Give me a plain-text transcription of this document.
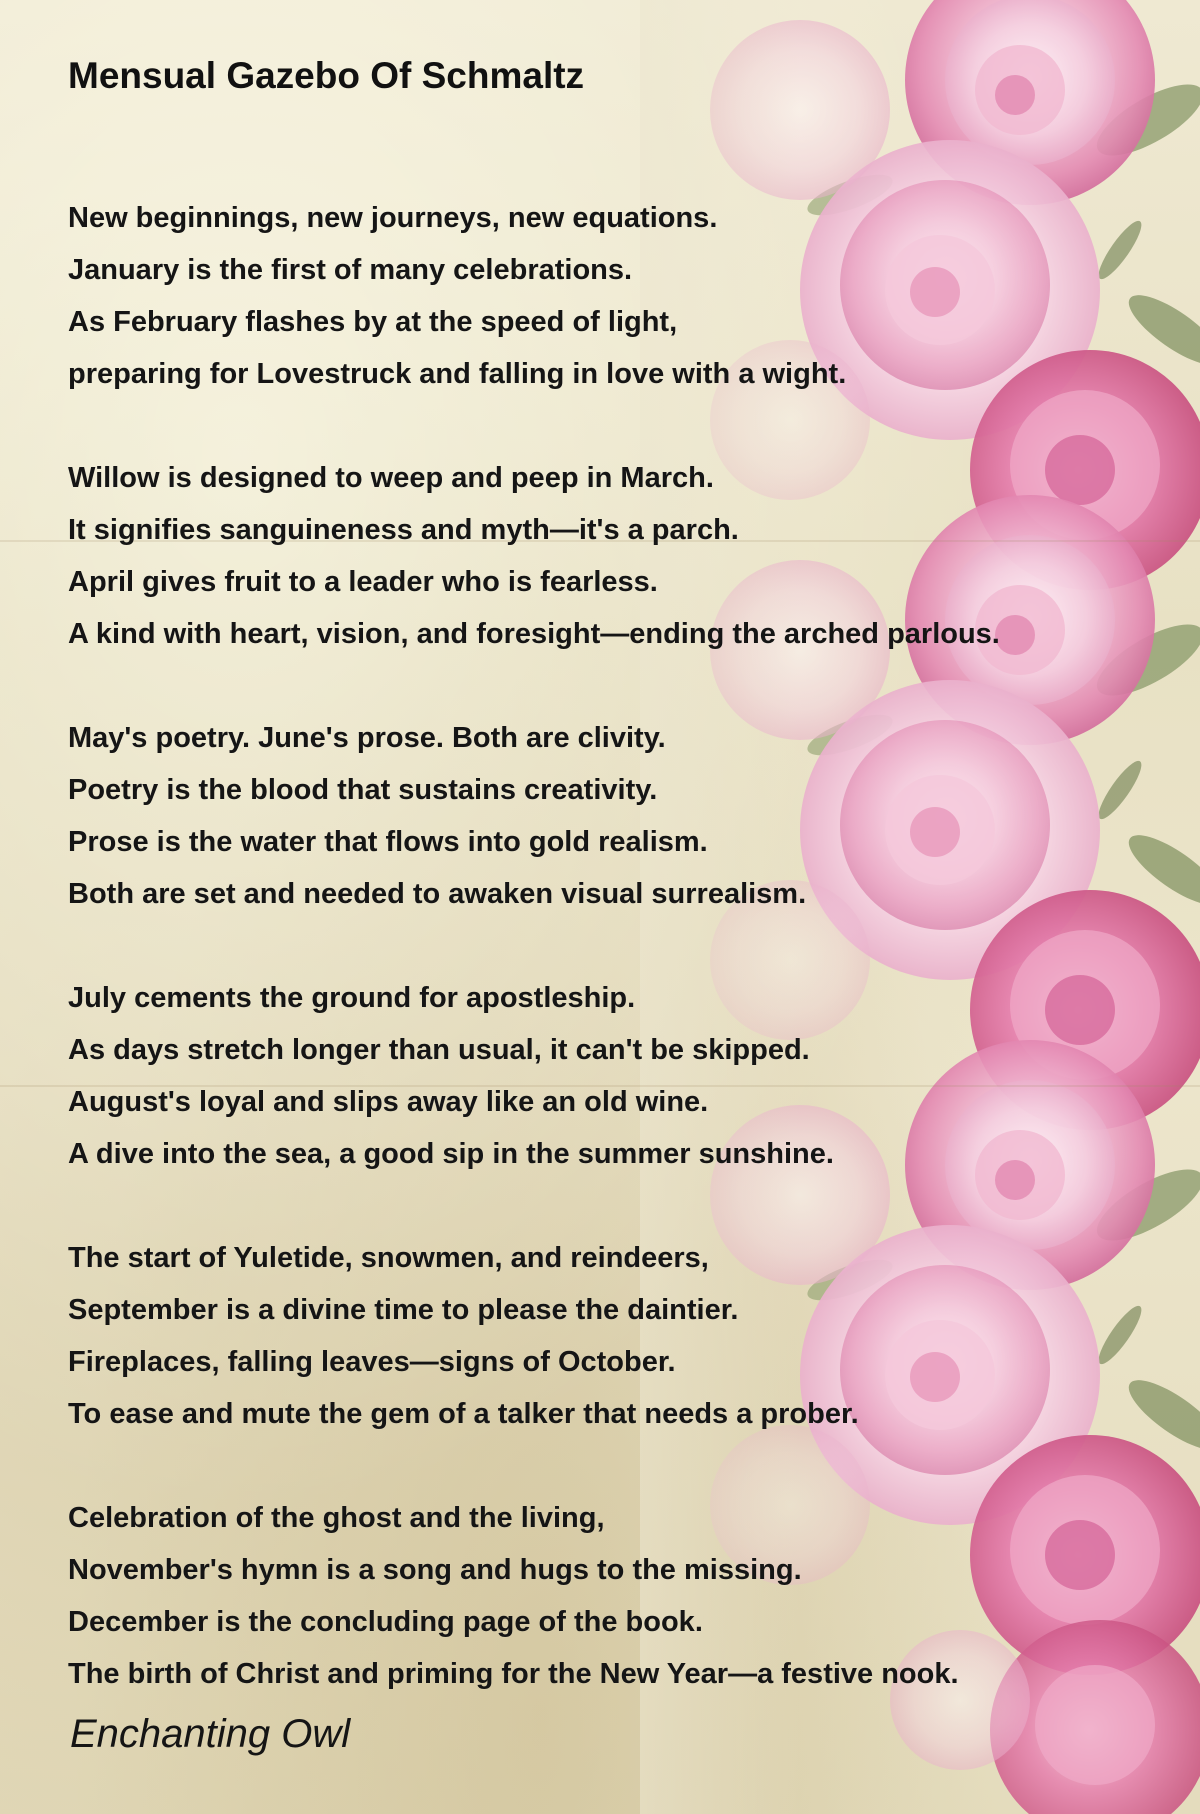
Mensual Gazebo Of Schmaltz
New beginnings, new journeys, new equations.
January is the first of many celebrations.
As February flashes by at the speed of light,
preparing for Lovestruck and falling in love with a wight.
Willow is designed to weep and peep in March.
It signifies sanguineness and myth—it's a parch.
April gives fruit to a leader who is fearless.
A kind with heart, vision, and foresight—ending the arched parlous.
May's poetry. June's prose. Both are clivity.
Poetry is the blood that sustains creativity.
Prose is the water that flows into gold realism.
Both are set and needed to awaken visual surrealism.
July cements the ground for apostleship.
As days stretch longer than usual, it can't be skipped.
August's loyal and slips away like an old wine.
A dive into the sea, a good sip in the summer sunshine.
The start of Yuletide, snowmen, and reindeers,
September is a divine time to please the daintier.
Fireplaces, falling leaves—signs of October.
To ease and mute the gem of a talker that needs a prober.
Celebration of the ghost and the living,
November's hymn is a song and hugs to the missing.
December is the concluding page of the book.
The birth of Christ and priming for the New Year—a festive nook.
Enchanting Owl
